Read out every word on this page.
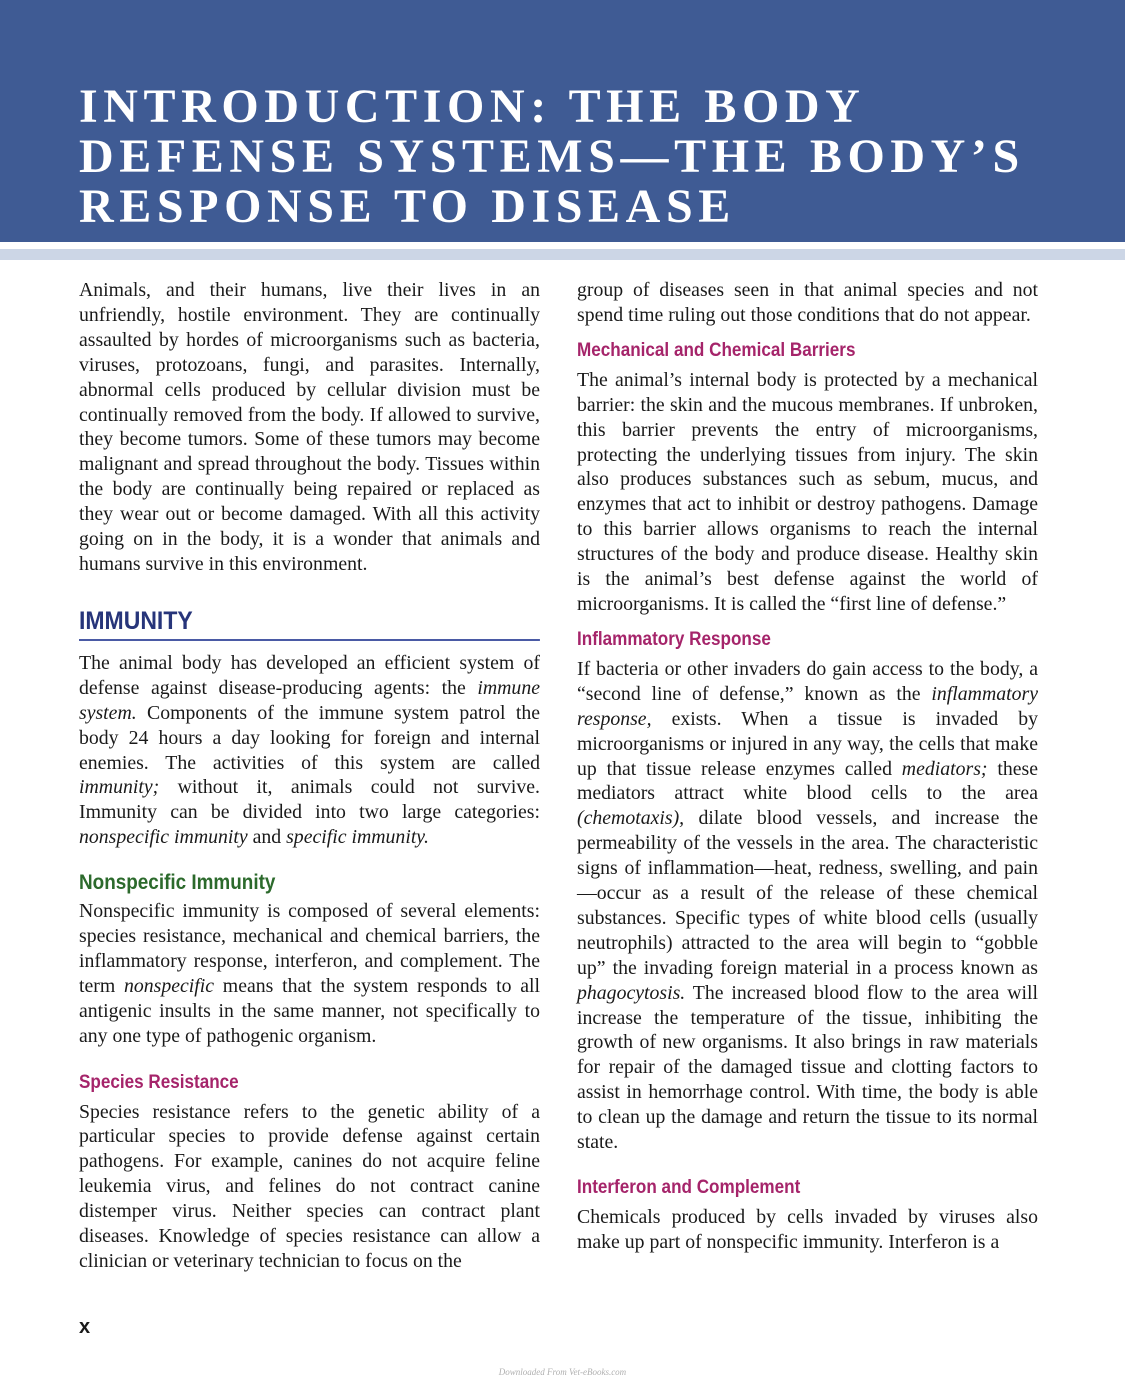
INTRODUCTION: THE BODY DEFENSE SYSTEMS—THE BODY’S RESPONSE TO DISEASE

Animals, and their humans, live their lives in an unfriendly, hostile environment. They are continually assaulted by hordes of microorganisms such as bacteria, viruses, protozoans, fungi, and parasites. Internally, abnormal cells produced by cellular division must be continually removed from the body. If allowed to survive, they become tumors. Some of these tumors may become malignant and spread throughout the body. Tissues within the body are continually being repaired or replaced as they wear out or become damaged. With all this activity going on in the body, it is a wonder that animals and humans survive in this environment.

IMMUNITY

The animal body has developed an efficient system of defense against disease-producing agents: the immune system. Components of the immune system patrol the body 24 hours a day looking for foreign and internal enemies. The activities of this system are called immunity; without it, animals could not survive. Immunity can be divided into two large categories: nonspecific immunity and specific immunity.

Nonspecific Immunity

Nonspecific immunity is composed of several elements: species resistance, mechanical and chemical barriers, the inflammatory response, interferon, and complement. The term nonspecific means that the system responds to all antigenic insults in the same manner, not specifically to any one type of pathogenic organism.

Species Resistance

Species resistance refers to the genetic ability of a particular species to provide defense against certain pathogens. For example, canines do not acquire feline leukemia virus, and felines do not contract canine distemper virus. Neither species can contract plant diseases. Knowledge of species resistance can allow a clinician or veterinary technician to focus on the

group of diseases seen in that animal species and not spend time ruling out those conditions that do not appear.

Mechanical and Chemical Barriers

The animal’s internal body is protected by a mechanical barrier: the skin and the mucous membranes. If unbroken, this barrier prevents the entry of microorganisms, protecting the underlying tissues from injury. The skin also produces substances such as sebum, mucus, and enzymes that act to inhibit or destroy pathogens. Damage to this barrier allows organisms to reach the internal structures of the body and produce disease. Healthy skin is the animal’s best defense against the world of microorganisms. It is called the “first line of defense.”

Inflammatory Response

If bacteria or other invaders do gain access to the body, a “second line of defense,” known as the inflammatory response, exists. When a tissue is invaded by microorganisms or injured in any way, the cells that make up that tissue release enzymes called mediators; these mediators attract white blood cells to the area (chemotaxis), dilate blood vessels, and increase the permeability of the vessels in the area. The characteristic signs of inflammation—heat, redness, swelling, and pain—occur as a result of the release of these chemical substances. Specific types of white blood cells (usually neutrophils) attracted to the area will begin to “gobble up” the invading foreign material in a process known as phagocytosis. The increased blood flow to the area will increase the temperature of the tissue, inhibiting the growth of new organisms. It also brings in raw materials for repair of the damaged tissue and clotting factors to assist in hemorrhage control. With time, the body is able to clean up the damage and return the tissue to its normal state.

Interferon and Complement

Chemicals produced by cells invaded by viruses also make up part of nonspecific immunity. Interferon is a

x
Downloaded From Vet-eBooks.com
